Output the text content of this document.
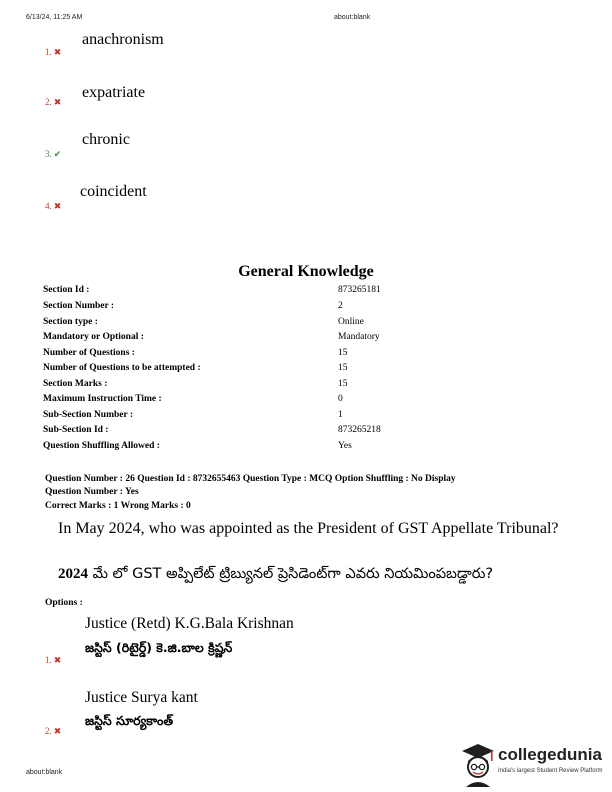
6/13/24, 11:25 AM	about:blank
anachronism
1. ✖
expatriate
2. ✖
chronic
3. ✔
coincident
4. ✖
General Knowledge
Section Id :	873265181
Section Number :	2
Section type :	Online
Mandatory or Optional :	Mandatory
Number of Questions :	15
Number of Questions to be attempted :	15
Section Marks :	15
Maximum Instruction Time :	0
Sub-Section Number :	1
Sub-Section Id :	873265218
Question Shuffling Allowed :	Yes
Question Number : 26 Question Id : 8732655463 Question Type : MCQ Option Shuffling : No Display
Question Number : Yes
Correct Marks : 1 Wrong Marks : 0
In May 2024, who was appointed as the President of GST Appellate Tribunal?
2024 మే లో GST అప్పిలేట్ ట్రిబ్యునల్ ప్రెసిడెంట్‌గా ఎవరు నియమింపబడ్డారు?
Options :
Justice (Retd) K.G.Bala Krishnan
జస్టిస్ (రిటైర్డ్) కె.జి.బాల క్రిష్ణన్
1. ✖
Justice Surya kant
జస్టిస్ సూర్యకాంత్
2. ✖
about:blank
collegedunia
India's largest Student Review Platform
